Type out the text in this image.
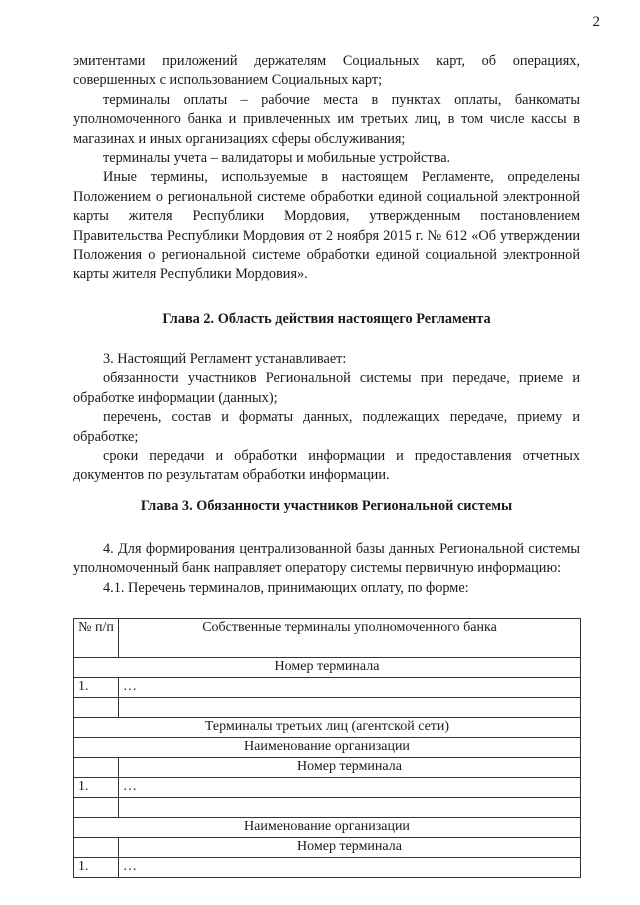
2

эмитентами приложений держателям Социальных карт, об операциях, совершенных с использованием Социальных карт;

терминалы оплаты – рабочие места в пунктах оплаты, банкоматы уполномоченного банка и привлеченных им третьих лиц, в том числе кассы в магазинах и иных организациях сферы обслуживания;

терминалы учета – валидаторы и мобильные устройства.

Иные термины, используемые в настоящем Регламенте, определены Положением о региональной системе обработки единой социальной электронной карты жителя Республики Мордовия, утвержденным постановлением Правительства Республики Мордовия от 2 ноября 2015 г. № 612 «Об утверждении Положения о региональной системе обработки единой социальной электронной карты жителя Республики Мордовия».

Глава 2. Область действия настоящего Регламента

3. Настоящий Регламент устанавливает:

обязанности участников Региональной системы при передаче, приеме и обработке информации (данных);

перечень, состав и форматы данных, подлежащих передаче, приему и обработке;

сроки передачи и обработки информации и предоставления отчетных документов по результатам обработки информации.

Глава 3. Обязанности участников Региональной системы

4. Для формирования централизованной базы данных Региональной системы уполномоченный банк направляет оператору системы первичную информацию:

4.1. Перечень терминалов, принимающих оплату, по форме:

№ п/п	Собственные терминалы уполномоченного банка
Номер терминала	
1.	…

Терминалы третьих лиц (агентской сети)	
Наименование организации	
	Номер терминала
1.	…

Наименование организации	
	Номер терминала
1.	…
